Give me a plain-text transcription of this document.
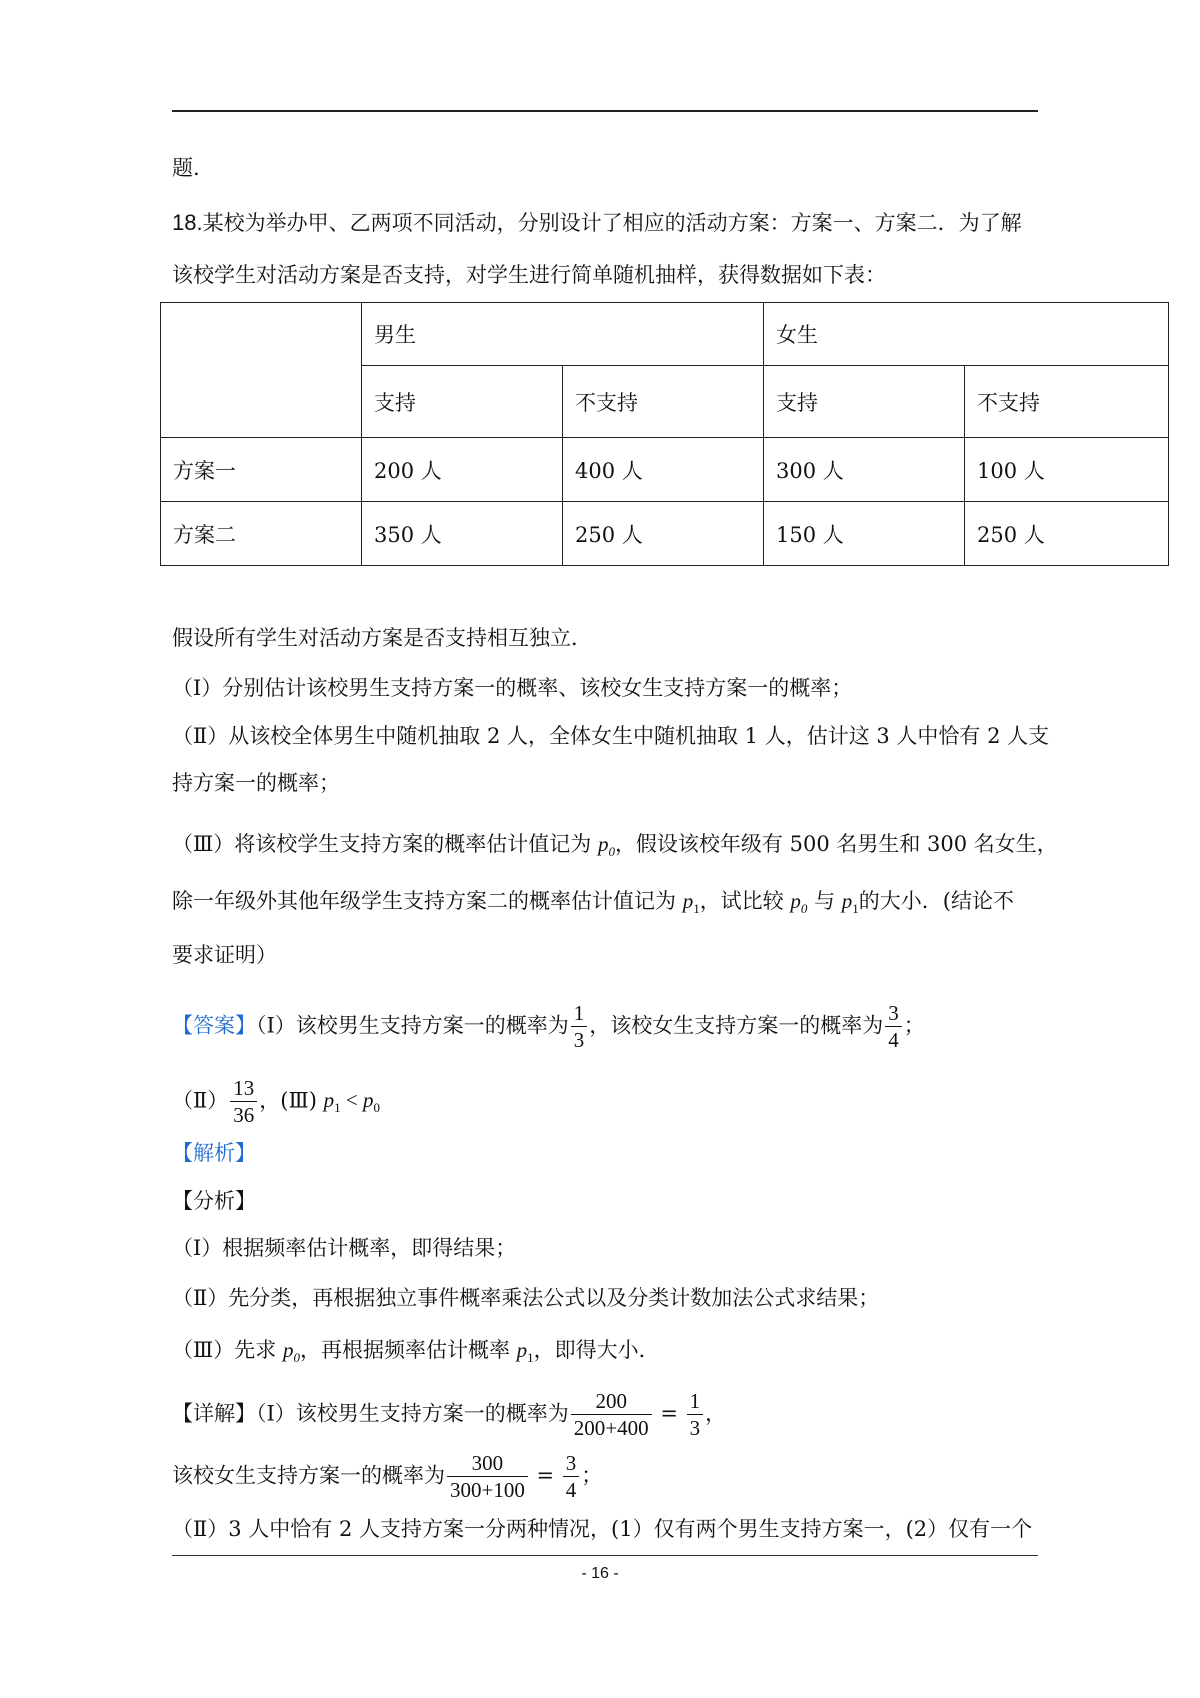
题.
18.某校为举办甲、乙两项不同活动，分别设计了相应的活动方案：方案一、方案二．为了解
该校学生对活动方案是否支持，对学生进行简单随机抽样，获得数据如下表：
	男生		女生	
	支持	不支持	支持	不支持
方案一	200 人	400 人	300 人	100 人
方案二	350 人	250 人	150 人	250 人
假设所有学生对活动方案是否支持相互独立．
（Ⅰ）分别估计该校男生支持方案一的概率、该校女生支持方案一的概率；
（Ⅱ）从该校全体男生中随机抽取 2 人，全体女生中随机抽取 1 人，估计这 3 人中恰有 2 人支
持方案一的概率；
（Ⅲ）将该校学生支持方案的概率估计值记为 $p_0$，假设该校年级有 500 名男生和 300 名女生，
除一年级外其他年级学生支持方案二的概率估计值记为 $p_1$，试比较 $p_0$ 与 $p_1$的大小．(结论不
要求证明）
【答案】（Ⅰ）该校男生支持方案一的概率为 $\frac{1}{3}$ ，该校女生支持方案一的概率为 $\frac{3}{4}$ ；
（Ⅱ） $\frac{13}{36}$ ，(Ⅲ) $p_1 < p_0$
【解析】
【分析】
（Ⅰ）根据频率估计概率，即得结果；
（Ⅱ）先分类，再根据独立事件概率乘法公式以及分类计数加法公式求结果；
（Ⅲ）先求 $p_0$，再根据频率估计概率 $p_1$，即得大小．
【详解】（Ⅰ）该校男生支持方案一的概率为 $\frac{200}{200+400} = \frac{1}{3}$ ，
该校女生支持方案一的概率为 $\frac{300}{300+100} = \frac{3}{4}$ ；
（Ⅱ）3 人中恰有 2 人支持方案一分两种情况，(1）仅有两个男生支持方案一，(2）仅有一个
- 16 -
